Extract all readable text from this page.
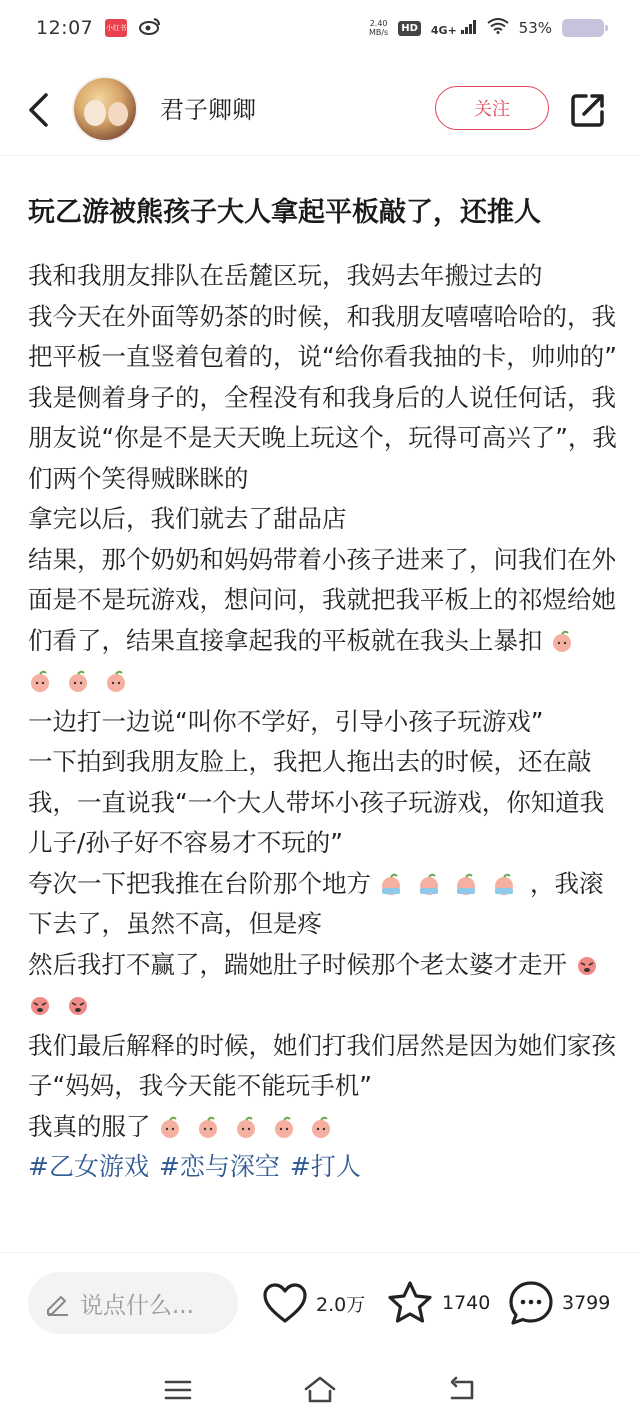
12:07 小红书	2.40
MB/s	HD 4G+	53%
君子卿卿	关注
玩乙游被熊孩子大人拿起平板敲了，还推人

我和我朋友排队在岳麓区玩，我妈去年搬过去的

我今天在外面等奶茶的时候，和我朋友嘻嘻哈哈的，我把平板一直竖着包着的，说“给你看我抽的卡，帅帅的”

我是侧着身子的，全程没有和我身后的人说任何话，我朋友说“你是不是天天晚上玩这个，玩得可高兴了”，我们两个笑得贼眯眯的

拿完以后，我们就去了甜品店

结果，那个奶奶和妈妈带着小孩子进来了，问我们在外面是不是玩游戏，想问问，我就把我平板上的祁煜给她们看了，结果直接拿起我的平板就在我头上暴扣

一边打一边说“叫你不学好，引导小孩子玩游戏”

一下拍到我朋友脸上，我把人拖出去的时候，还在敲我，一直说我“一个大人带坏小孩子玩游戏，你知道我儿子/孙子好不容易才不玩的”

夸次一下把我推在台阶那个地方	，我滚下去了，虽然不高，但是疼

然后我打不赢了，踹她肚子时候那个老太婆才走开

我们最后解释的时候，她们打我们居然是因为她们家孩子“妈妈，我今天能不能玩手机”

我真的服了

#乙女游戏 #恋与深空 #打人
说点什么...	2.0万	1740	3799
